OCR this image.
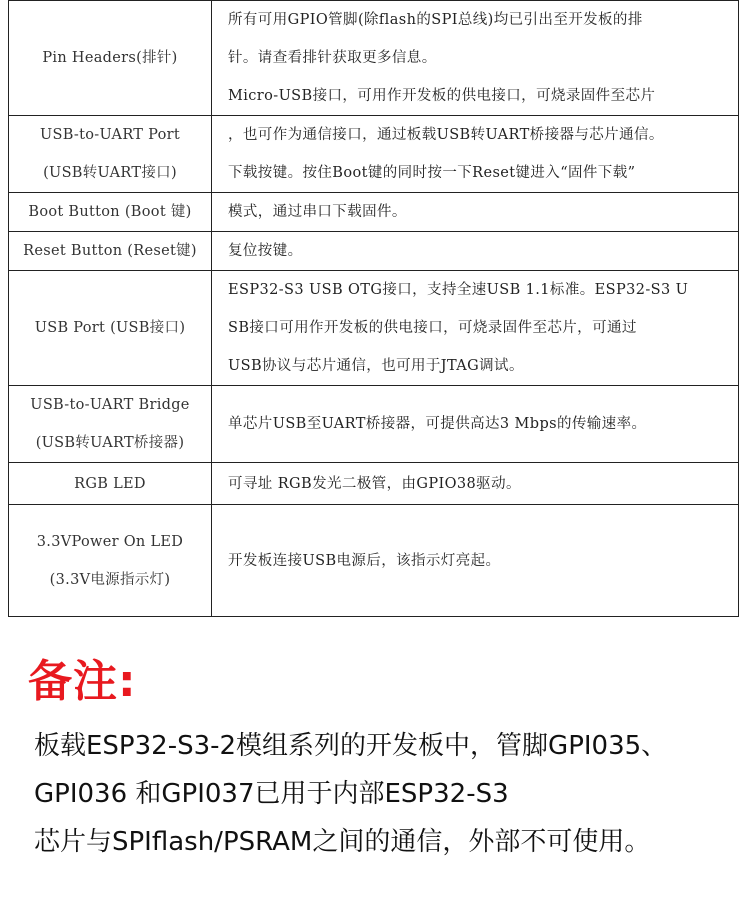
Pin Headers(排针)	所有可用GPIO管脚(除flash的SPI总线)均已引出至开发板的排
针。请查看排针获取更多信息。
Micro-USB接口，可用作开发板的供电接口，可烧录固件至芯片

USB-to-UART Port
(USB转UART接口)	，也可作为通信接口，通过板载USB转UART桥接器与芯片通信。
下载按键。按住Boot键的同时按一下Reset键进入“固件下载”

Boot Button (Boot 键)	模式，通过串口下载固件。

Reset Button (Reset键)	复位按键。

USB Port (USB接口)	ESP32-S3 USB OTG接口，支持全速USB 1.1标准。ESP32-S3 U
SB接口可用作开发板的供电接口，可烧录固件至芯片，可通过
USB协议与芯片通信，也可用于JTAG调试。

USB-to-UART Bridge
(USB转UART桥接器)	单芯片USB至UART桥接器，可提供高达3 Mbps的传输速率。

RGB LED	可寻址 RGB发光二极管，由GPIO38驱动。

3.3VPower On LED
(3.3V电源指示灯)	开发板连接USB电源后，该指示灯亮起。
备注:
板载ESP32-S3-2模组系列的开发板中，管脚GPI035、
GPI036 和GPI037已用于内部ESP32-S3
芯片与SPIflash/PSRAM之间的通信，外部不可使用。
